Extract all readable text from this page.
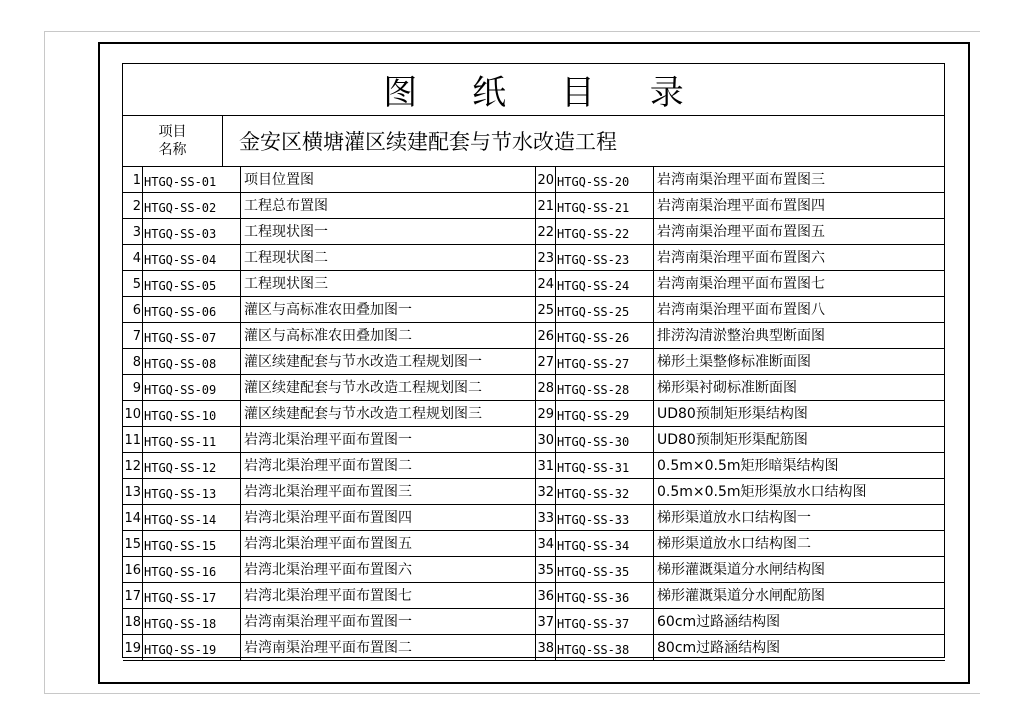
图 纸 目 录
项目
名称	金安区横塘灌区续建配套与节水改造工程
1 HTGQ-SS-01	项目位置图
2 HTGQ-SS-02	工程总布置图
3 HTGQ-SS-03	工程现状图一
4 HTGQ-SS-04	工程现状图二
5 HTGQ-SS-05	工程现状图三
6 HTGQ-SS-06	灌区与高标准农田叠加图一
7 HTGQ-SS-07	灌区与高标准农田叠加图二
8 HTGQ-SS-08	灌区续建配套与节水改造工程规划图一
9 HTGQ-SS-09	灌区续建配套与节水改造工程规划图二
10 HTGQ-SS-10	灌区续建配套与节水改造工程规划图三
11 HTGQ-SS-11	岩湾北渠治理平面布置图一
12 HTGQ-SS-12	岩湾北渠治理平面布置图二
13 HTGQ-SS-13	岩湾北渠治理平面布置图三
14 HTGQ-SS-14	岩湾北渠治理平面布置图四
15 HTGQ-SS-15	岩湾北渠治理平面布置图五
16 HTGQ-SS-16	岩湾北渠治理平面布置图六
17 HTGQ-SS-17	岩湾北渠治理平面布置图七
18 HTGQ-SS-18	岩湾南渠治理平面布置图一
19 HTGQ-SS-19	岩湾南渠治理平面布置图二
20 HTGQ-SS-20	岩湾南渠治理平面布置图三
21 HTGQ-SS-21	岩湾南渠治理平面布置图四
22 HTGQ-SS-22	岩湾南渠治理平面布置图五
23 HTGQ-SS-23	岩湾南渠治理平面布置图六
24 HTGQ-SS-24	岩湾南渠治理平面布置图七
25 HTGQ-SS-25	岩湾南渠治理平面布置图八
26 HTGQ-SS-26	排涝沟清淤整治典型断面图
27 HTGQ-SS-27	梯形土渠整修标准断面图
28 HTGQ-SS-28	梯形渠衬砌标准断面图
29 HTGQ-SS-29	UD80预制矩形渠结构图
30 HTGQ-SS-30	UD80预制矩形渠配筋图
31 HTGQ-SS-31	0.5m×0.5m矩形暗渠结构图
32 HTGQ-SS-32	0.5m×0.5m矩形渠放水口结构图
33 HTGQ-SS-33	梯形渠道放水口结构图一
34 HTGQ-SS-34	梯形渠道放水口结构图二
35 HTGQ-SS-35	梯形灌溉渠道分水闸结构图
36 HTGQ-SS-36	梯形灌溉渠道分水闸配筋图
37 HTGQ-SS-37	60cm过路涵结构图
38 HTGQ-SS-38	80cm过路涵结构图
